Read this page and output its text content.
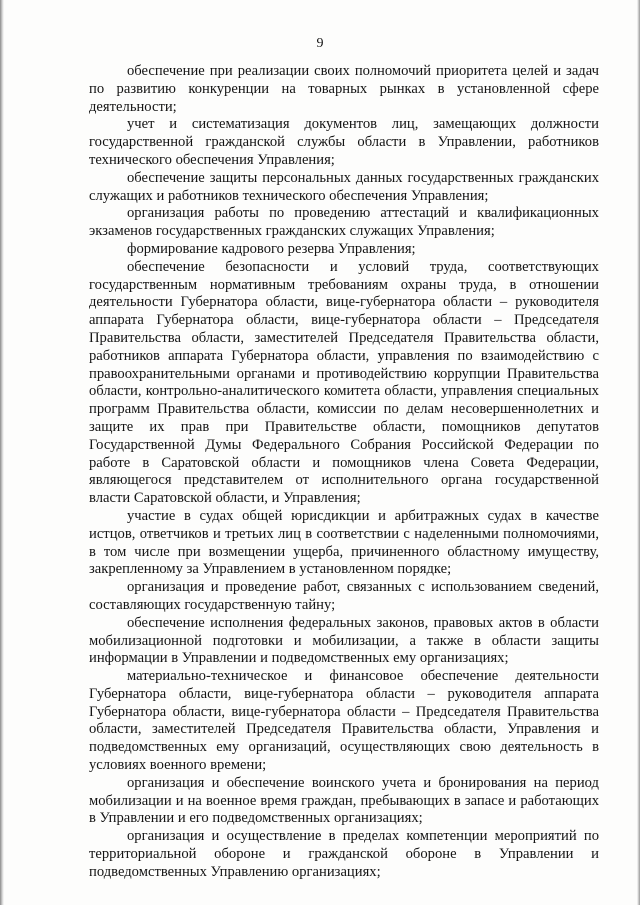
9

обеспечение при реализации своих полномочий приоритета целей и задач по развитию конкуренции на товарных рынках в установленной сфере деятельности;

учет и систематизация документов лиц, замещающих должности государственной гражданской службы области в Управлении, работников технического обеспечения Управления;

обеспечение защиты персональных данных государственных гражданских служащих и работников технического обеспечения Управления;

организация работы по проведению аттестаций и квалификационных экзаменов государственных гражданских служащих Управления;

формирование кадрового резерва Управления;

обеспечение безопасности и условий труда, соответствующих государственным нормативным требованиям охраны труда, в отношении деятельности Губернатора области, вице-губернатора области – руководителя аппарата Губернатора области, вице-губернатора области – Председателя Правительства области, заместителей Председателя Правительства области, работников аппарата Губернатора области, управления по взаимодействию с правоохранительными органами и противодействию коррупции Правительства области, контрольно-аналитического комитета области, управления специальных программ Правительства области, комиссии по делам несовершеннолетних и защите их прав при Правительстве области, помощников депутатов Государственной Думы Федерального Собрания Российской Федерации по работе в Саратовской области и помощников члена Совета Федерации, являющегося представителем от исполнительного органа государственной власти Саратовской области, и Управления;

участие в судах общей юрисдикции и арбитражных судах в качестве истцов, ответчиков и третьих лиц в соответствии с наделенными полномочиями, в том числе при возмещении ущерба, причиненного областному имуществу, закрепленному за Управлением в установленном порядке;

организация и проведение работ, связанных с использованием сведений, составляющих государственную тайну;

обеспечение исполнения федеральных законов, правовых актов в области мобилизационной подготовки и мобилизации, а также в области защиты информации в Управлении и подведомственных ему организациях;

материально-техническое и финансовое обеспечение деятельности Губернатора области, вице-губернатора области – руководителя аппарата Губернатора области, вице-губернатора области – Председателя Правительства области, заместителей Председателя Правительства области, Управления и подведомственных ему организаций, осуществляющих свою деятельность в условиях военного времени;

организация и обеспечение воинского учета и бронирования на период мобилизации и на военное время граждан, пребывающих в запасе и работающих в Управлении и его подведомственных организациях;

организация и осуществление в пределах компетенции мероприятий по территориальной обороне и гражданской обороне в Управлении и подведомственных Управлению организациях;
